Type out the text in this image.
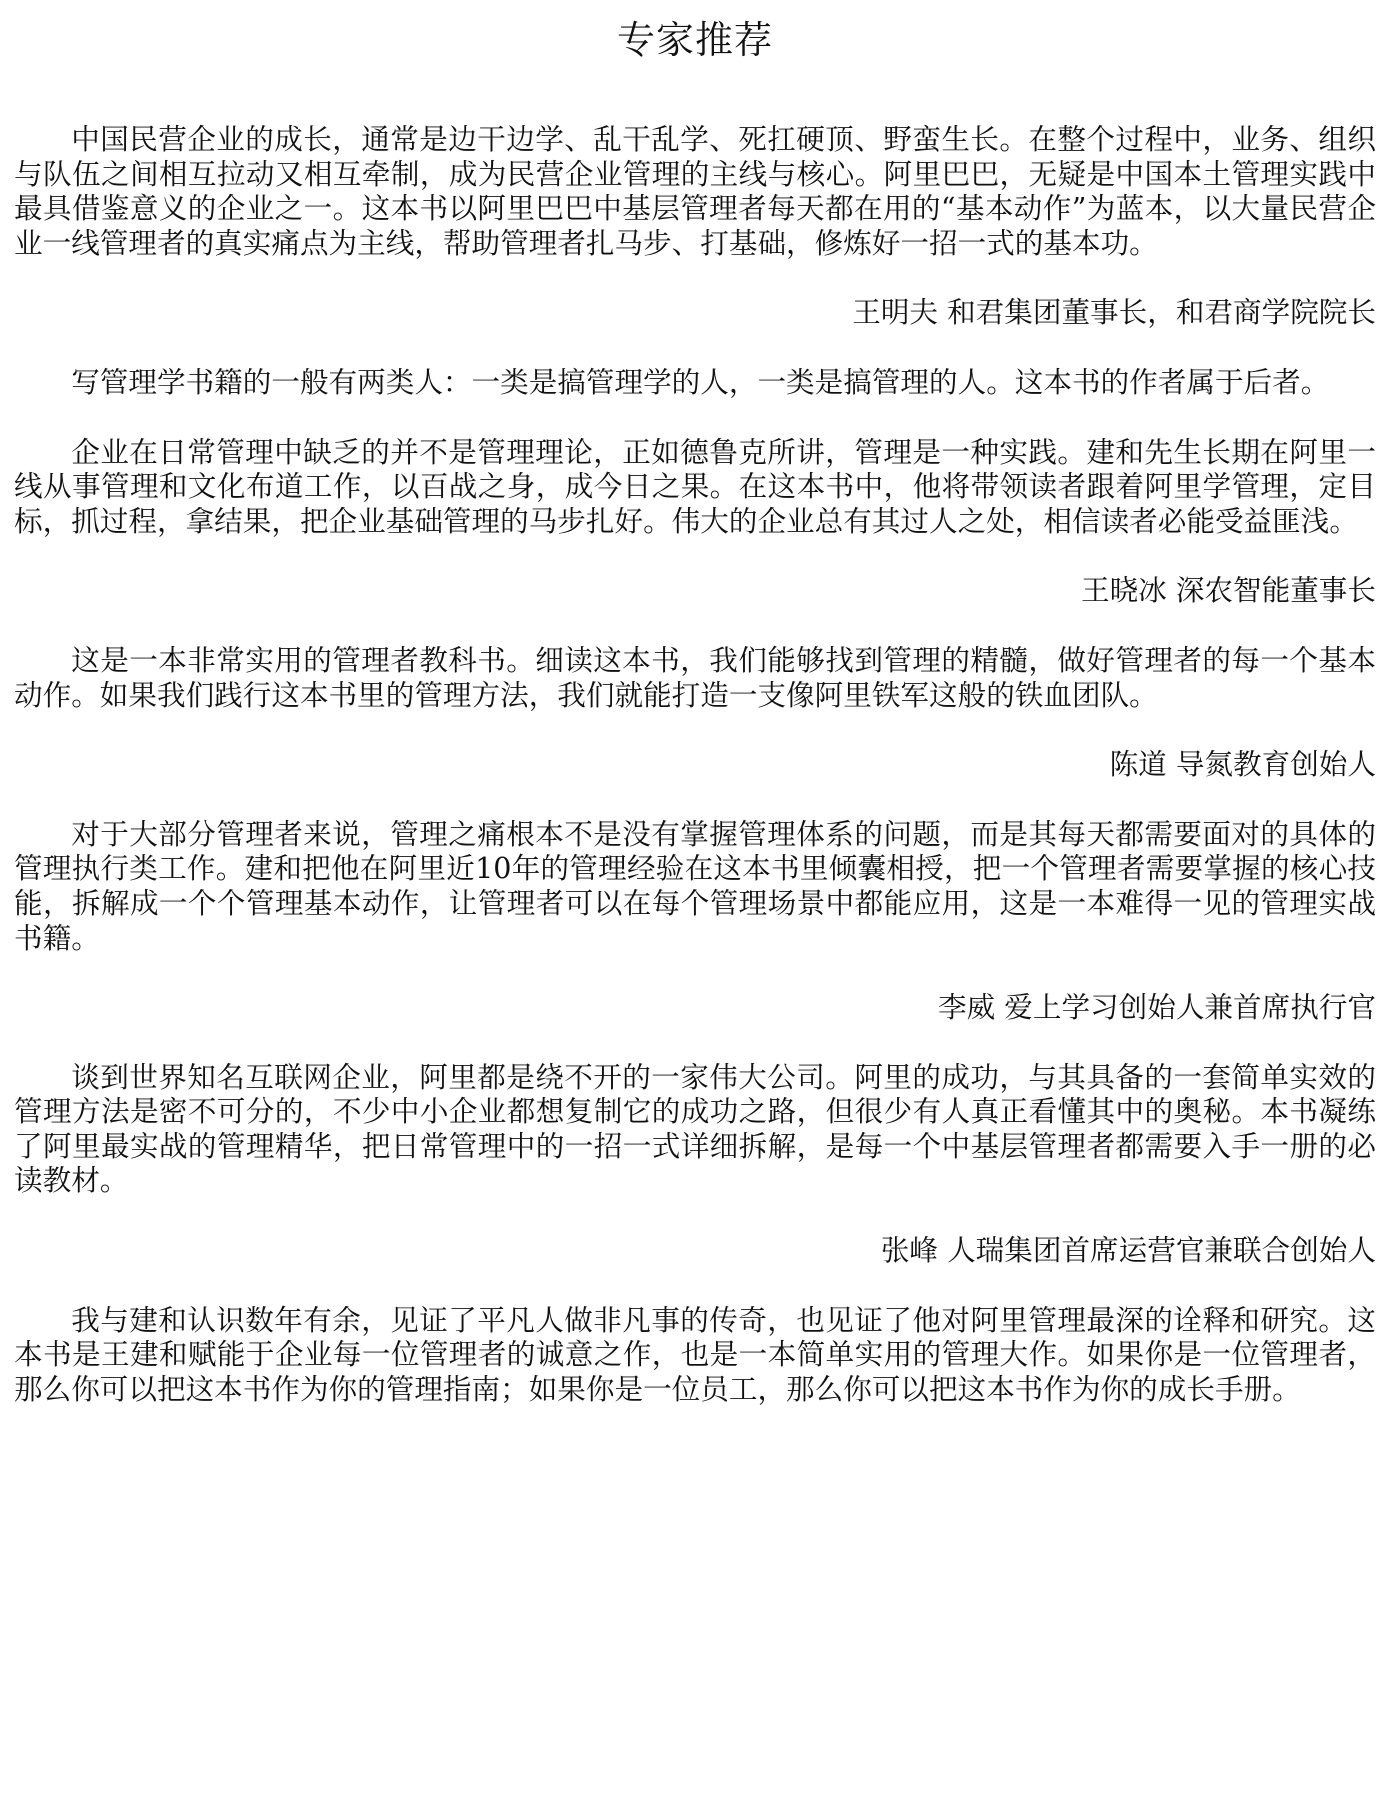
专家推荐

中国民营企业的成长，通常是边干边学、乱干乱学、死扛硬顶、野蛮生长。在整个过程中，业务、组织与队伍之间相互拉动又相互牵制，成为民营企业管理的主线与核心。阿里巴巴，无疑是中国本土管理实践中最具借鉴意义的企业之一。这本书以阿里巴巴中基层管理者每天都在用的“基本动作”为蓝本，以大量民营企业一线管理者的真实痛点为主线，帮助管理者扎马步、打基础，修炼好一招一式的基本功。

王明夫 和君集团董事长，和君商学院院长

写管理学书籍的一般有两类人：一类是搞管理学的人，一类是搞管理的人。这本书的作者属于后者。

企业在日常管理中缺乏的并不是管理理论，正如德鲁克所讲，管理是一种实践。建和先生长期在阿里一线从事管理和文化布道工作，以百战之身，成今日之果。在这本书中，他将带领读者跟着阿里学管理，定目标，抓过程，拿结果，把企业基础管理的马步扎好。伟大的企业总有其过人之处，相信读者必能受益匪浅。

王晓冰 深农智能董事长

这是一本非常实用的管理者教科书。细读这本书，我们能够找到管理的精髓，做好管理者的每一个基本动作。如果我们践行这本书里的管理方法，我们就能打造一支像阿里铁军这般的铁血团队。

陈道 导氮教育创始人

对于大部分管理者来说，管理之痛根本不是没有掌握管理体系的问题，而是其每天都需要面对的具体的管理执行类工作。建和把他在阿里近10年的管理经验在这本书里倾囊相授，把一个管理者需要掌握的核心技能，拆解成一个个管理基本动作，让管理者可以在每个管理场景中都能应用，这是一本难得一见的管理实战书籍。

李威 爱上学习创始人兼首席执行官

谈到世界知名互联网企业，阿里都是绕不开的一家伟大公司。阿里的成功，与其具备的一套简单实效的管理方法是密不可分的，不少中小企业都想复制它的成功之路，但很少有人真正看懂其中的奥秘。本书凝练了阿里最实战的管理精华，把日常管理中的一招一式详细拆解，是每一个中基层管理者都需要入手一册的必读教材。

张峰 人瑞集团首席运营官兼联合创始人

我与建和认识数年有余，见证了平凡人做非凡事的传奇，也见证了他对阿里管理最深的诠释和研究。这本书是王建和赋能于企业每一位管理者的诚意之作，也是一本简单实用的管理大作。如果你是一位管理者，那么你可以把这本书作为你的管理指南；如果你是一位员工，那么你可以把这本书作为你的成长手册。
